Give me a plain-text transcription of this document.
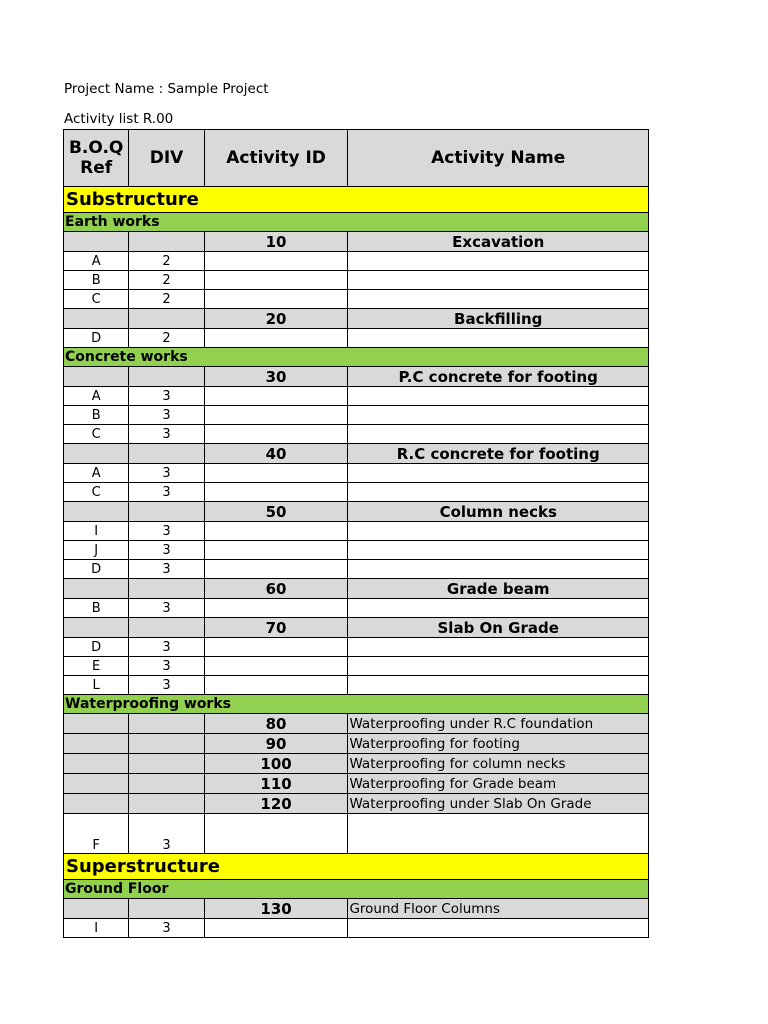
Project Name : Sample Project
Activity list R.00
B.O.Q Ref	DIV	Activity ID	Activity Name
Substructure			
Earth works			
		10	Excavation
A	2		
B	2		
C	2		
		20	Backfilling
D	2		
Concrete works			
		30	P.C concrete for footing
A	3		
B	3		
C	3		
		40	R.C concrete for footing
A	3		
C	3		
		50	Column necks
I	3		
J	3		
D	3		
		60	Grade beam
B	3		
		70	Slab On Grade
D	3		
E	3		
L	3		
Waterproofing works			
		80	Waterproofing under R.C foundation
		90	Waterproofing for footing
		100	Waterproofing for column necks
		110	Waterproofing for Grade beam
		120	Waterproofing under Slab On Grade
F	3		
Superstructure			
Ground Floor			
		130	Ground Floor Columns
I	3		
